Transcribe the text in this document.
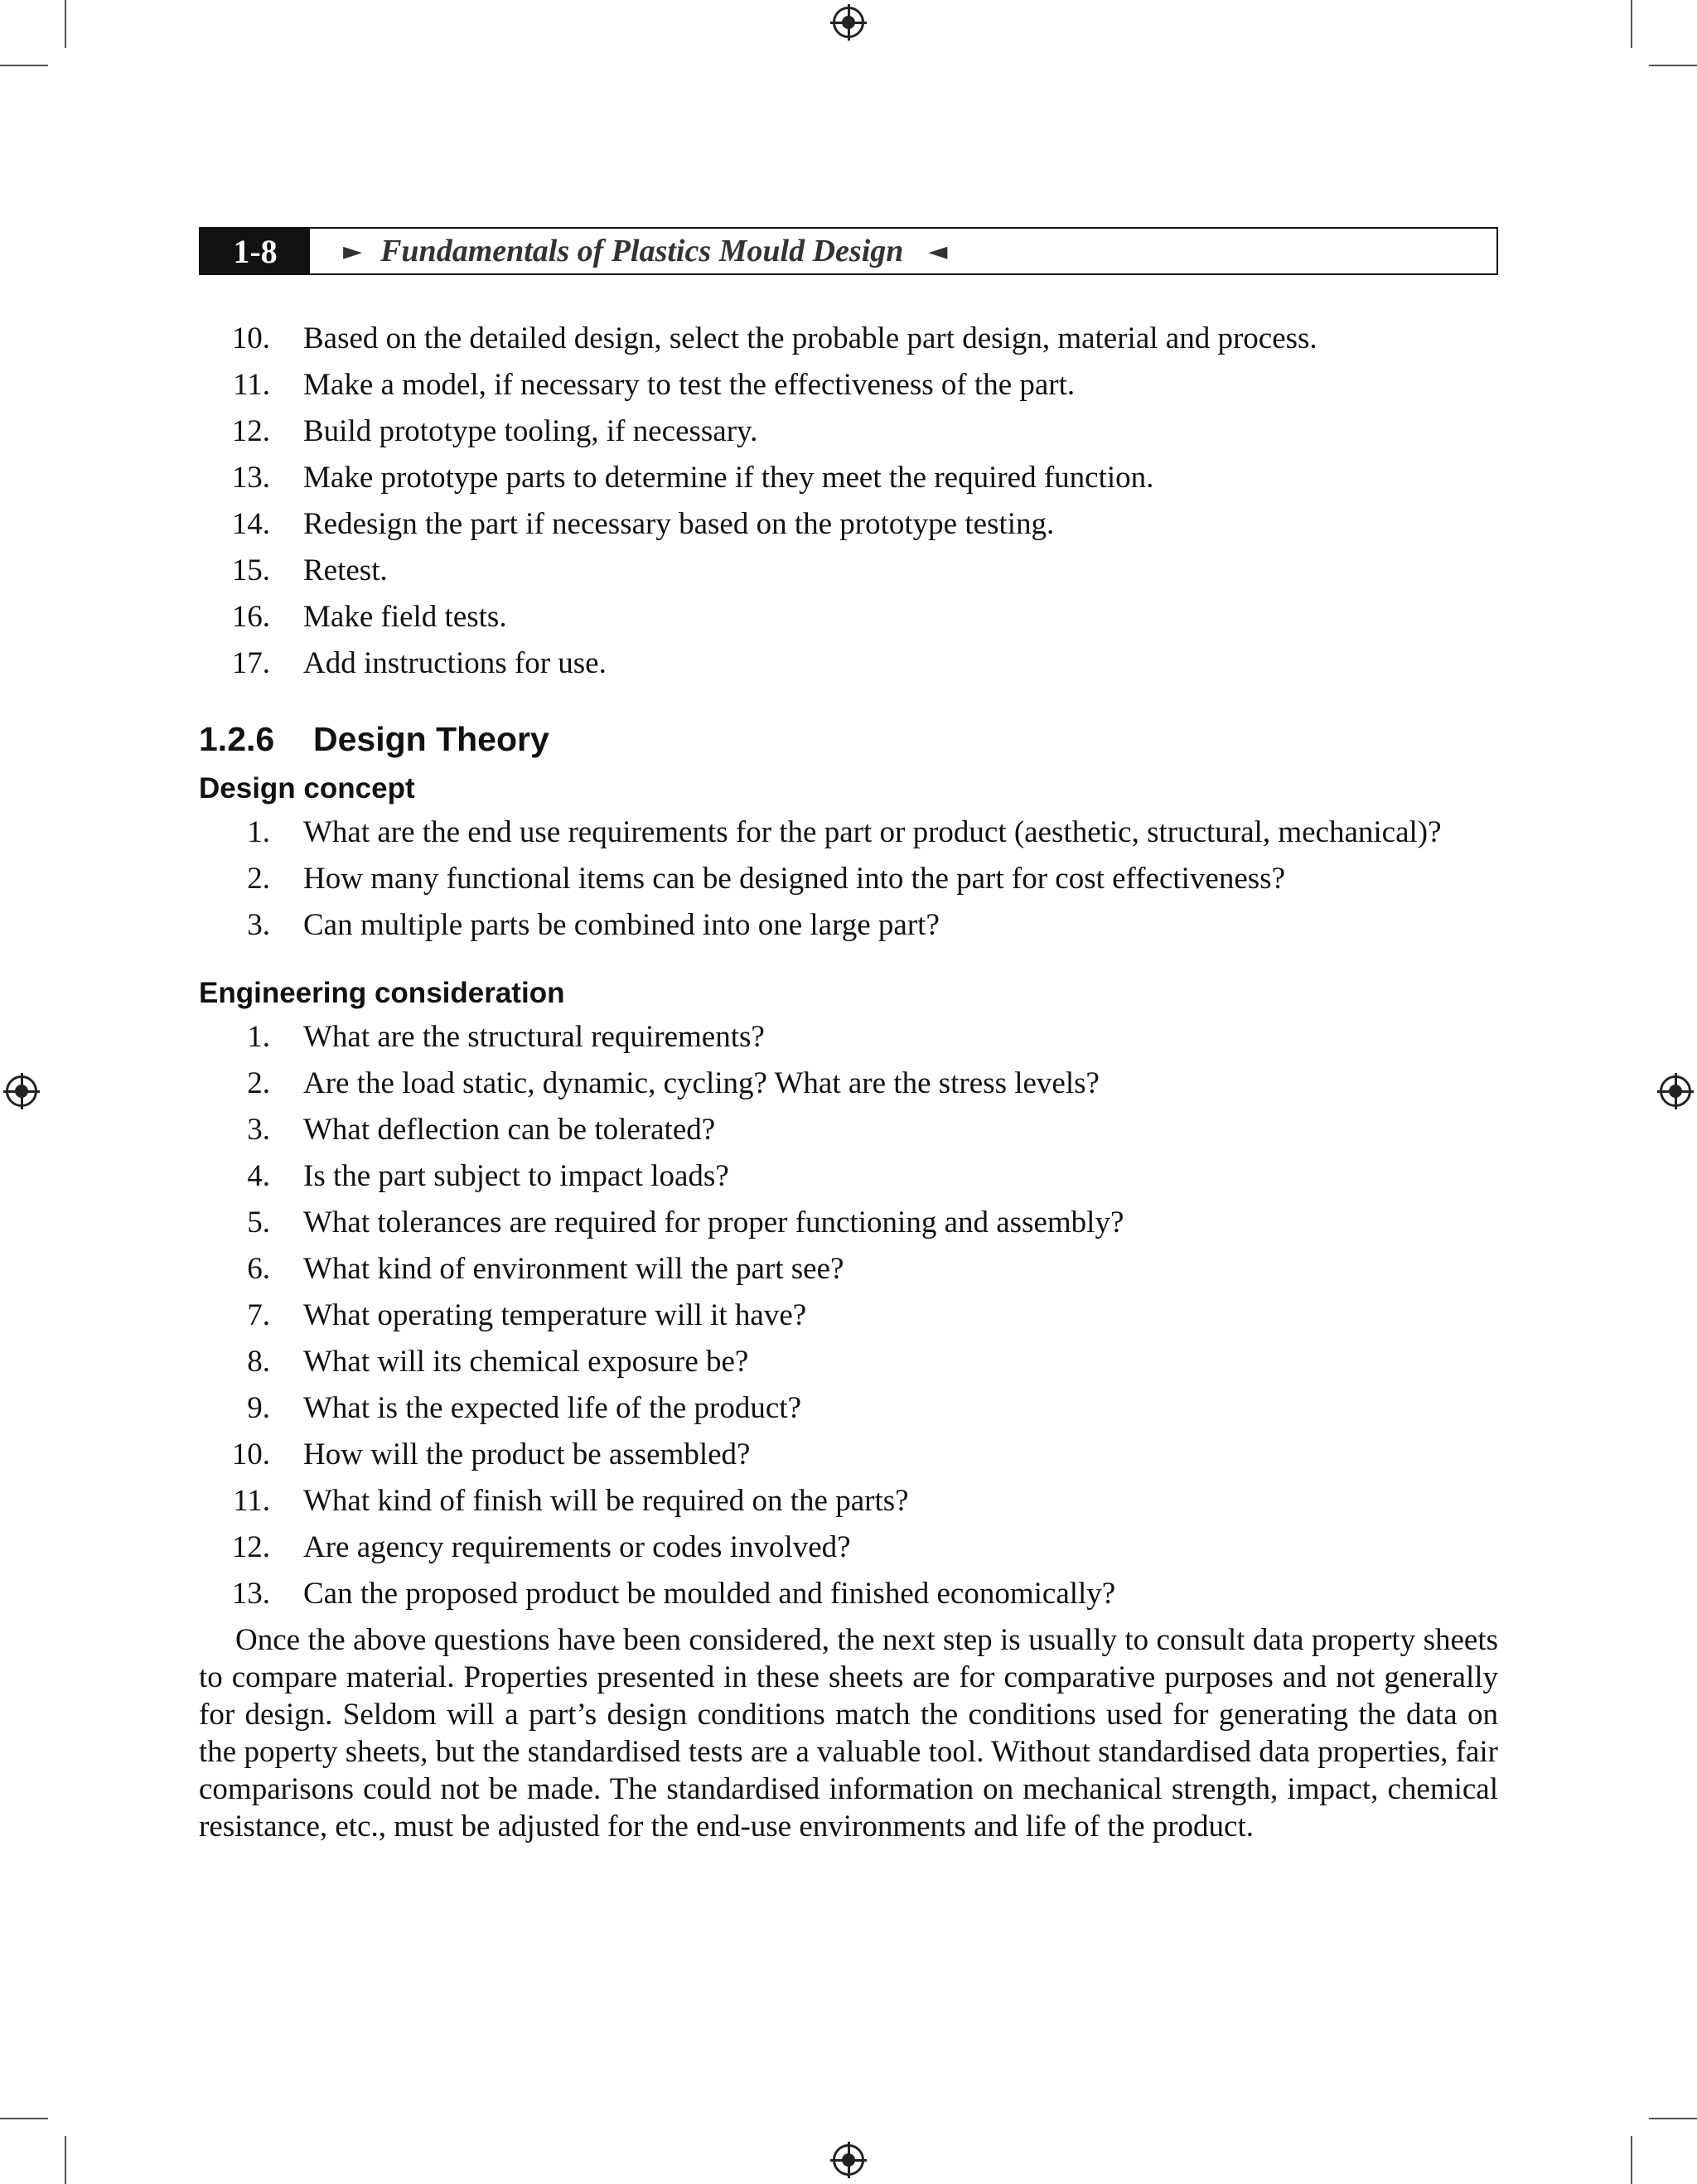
1-8	► Fundamentals of Plastics Mould Design ◄
10. Based on the detailed design, select the probable part design, material and process.
11. Make a model, if necessary to test the effectiveness of the part.
12. Build prototype tooling, if necessary.
13. Make prototype parts to determine if they meet the required function.
14. Redesign the part if necessary based on the prototype testing.
15. Retest.
16. Make field tests.
17. Add instructions for use.
1.2.6 Design Theory
Design concept
1. What are the end use requirements for the part or product (aesthetic, structural, mechanical)?
2. How many functional items can be designed into the part for cost effectiveness?
3. Can multiple parts be combined into one large part?
Engineering consideration
1. What are the structural requirements?
2. Are the load static, dynamic, cycling? What are the stress levels?
3. What deflection can be tolerated?
4. Is the part subject to impact loads?
5. What tolerances are required for proper functioning and assembly?
6. What kind of environment will the part see?
7. What operating temperature will it have?
8. What will its chemical exposure be?
9. What is the expected life of the product?
10. How will the product be assembled?
11. What kind of finish will be required on the parts?
12. Are agency requirements or codes involved?
13. Can the proposed product be moulded and finished economically?

Once the above questions have been considered, the next step is usually to consult data property sheets to compare material. Properties presented in these sheets are for comparative purposes and not generally for design. Seldom will a part’s design conditions match the conditions used for generating the data on the poperty sheets, but the standardised tests are a valuable tool. Without standardised data properties, fair comparisons could not be made. The standardised information on mechanical strength, impact, chemical resistance, etc., must be adjusted for the end-use environments and life of the product.
